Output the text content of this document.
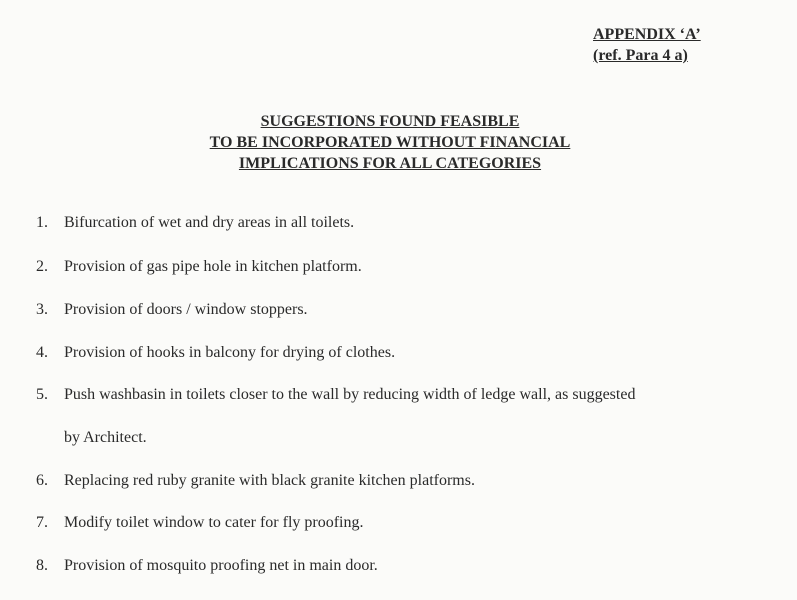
APPENDIX ‘A’
(ref. Para 4 a)
SUGGESTIONS FOUND FEASIBLE
TO BE INCORPORATED WITHOUT FINANCIAL
IMPLICATIONS FOR ALL CATEGORIES
1. Bifurcation of wet and dry areas in all toilets.
2. Provision of gas pipe hole in kitchen platform.
3. Provision of doors / window stoppers.
4. Provision of hooks in balcony for drying of clothes.
5. Push washbasin in toilets closer to the wall by reducing width of ledge wall, as suggested
by Architect.
6. Replacing red ruby granite with black granite kitchen platforms.
7. Modify toilet window to cater for fly proofing.
8. Provision of mosquito proofing net in main door.
